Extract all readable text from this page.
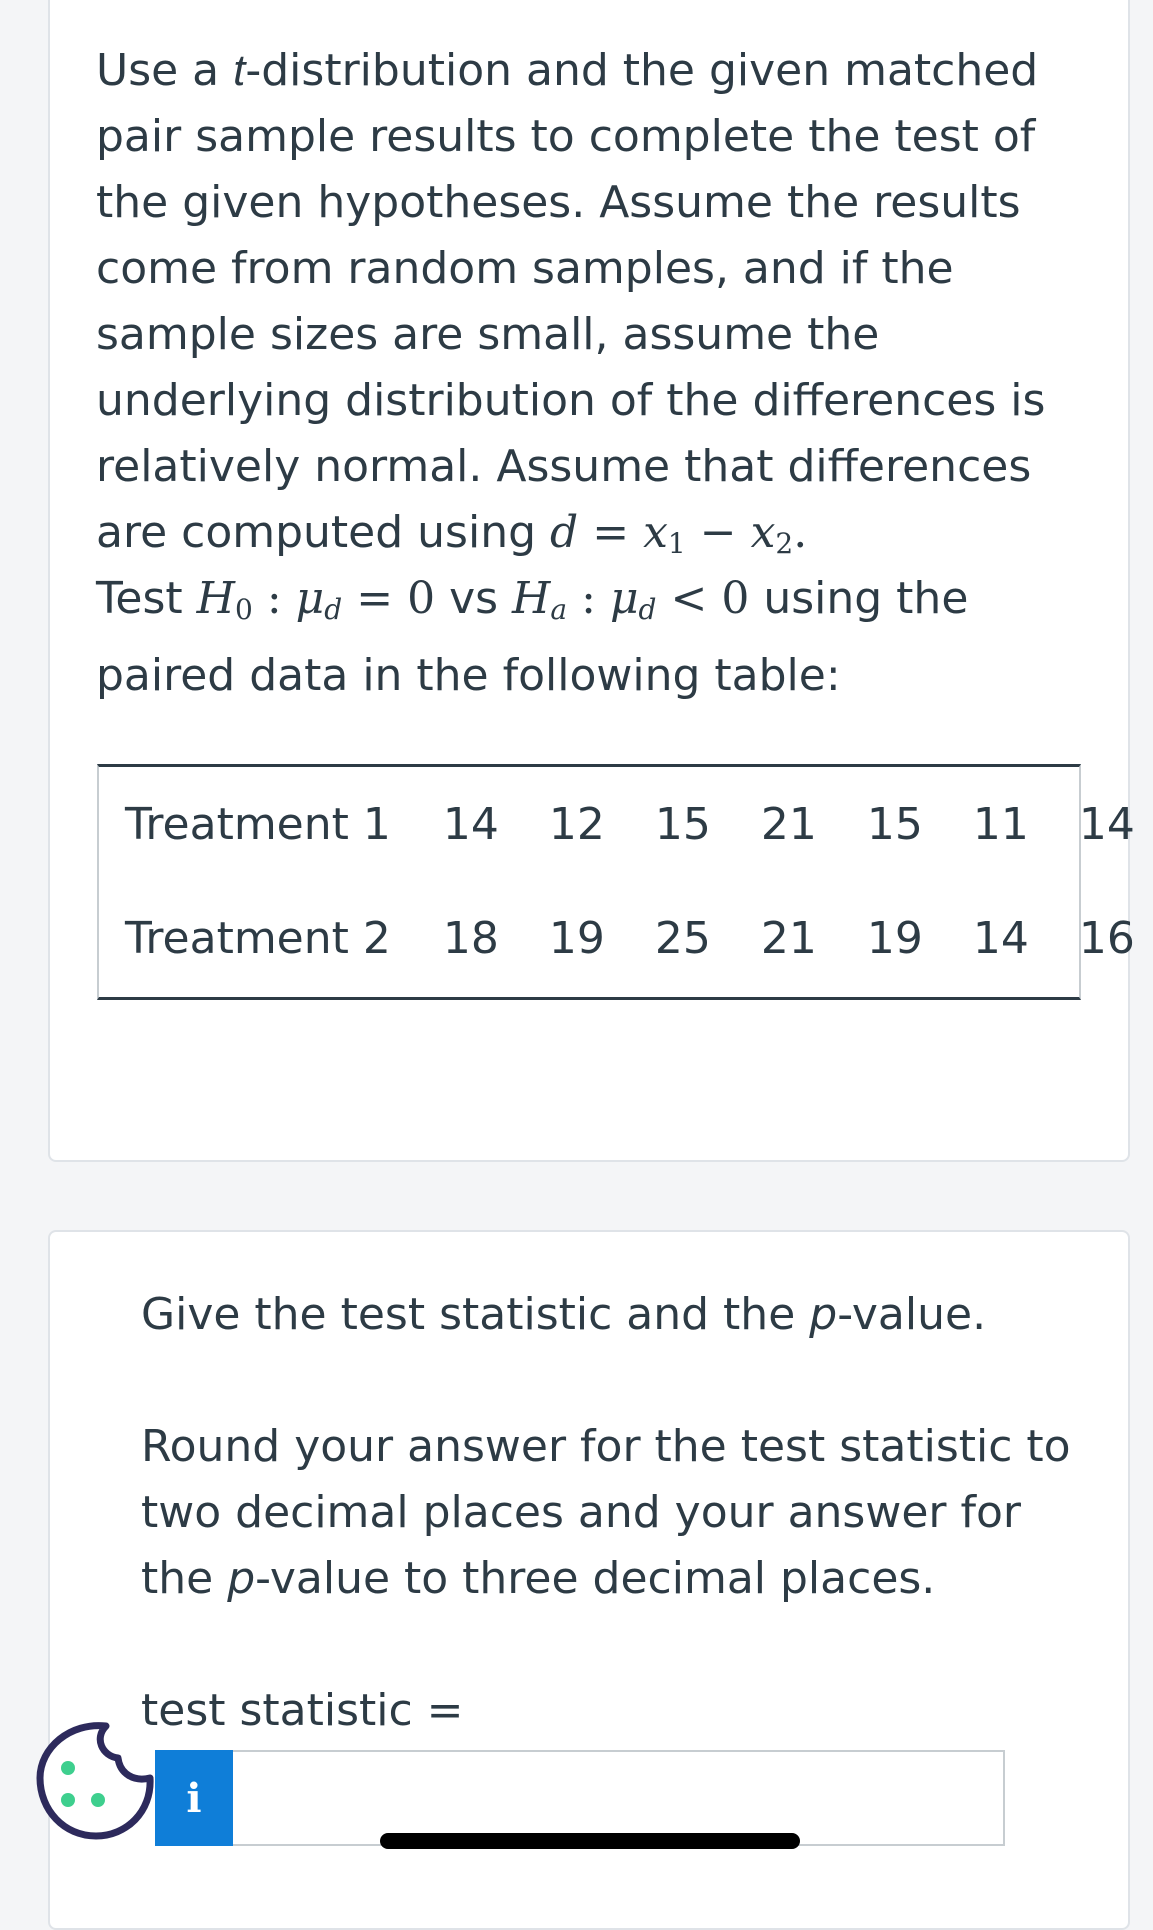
Use a t-distribution and the given matched pair sample results to complete the test of the given hypotheses. Assume the results come from random samples, and if the sample sizes are small, assume the underlying distribution of the differences is relatively normal. Assume that differences are computed using $d = x_1 - x_2$.
Test $H_0$ : $\mu_d = 0$ vs $H_a$ : $\mu_d < 0$ using the paired data in the following table:
Treatment 1	14	12	15	21	15	11	14
Treatment 2	18	19	25	21	19	14	16
Give the test statistic and the p-value.
Round your answer for the test statistic to two decimal places and your answer for the p-value to three decimal places.
test statistic =
i
